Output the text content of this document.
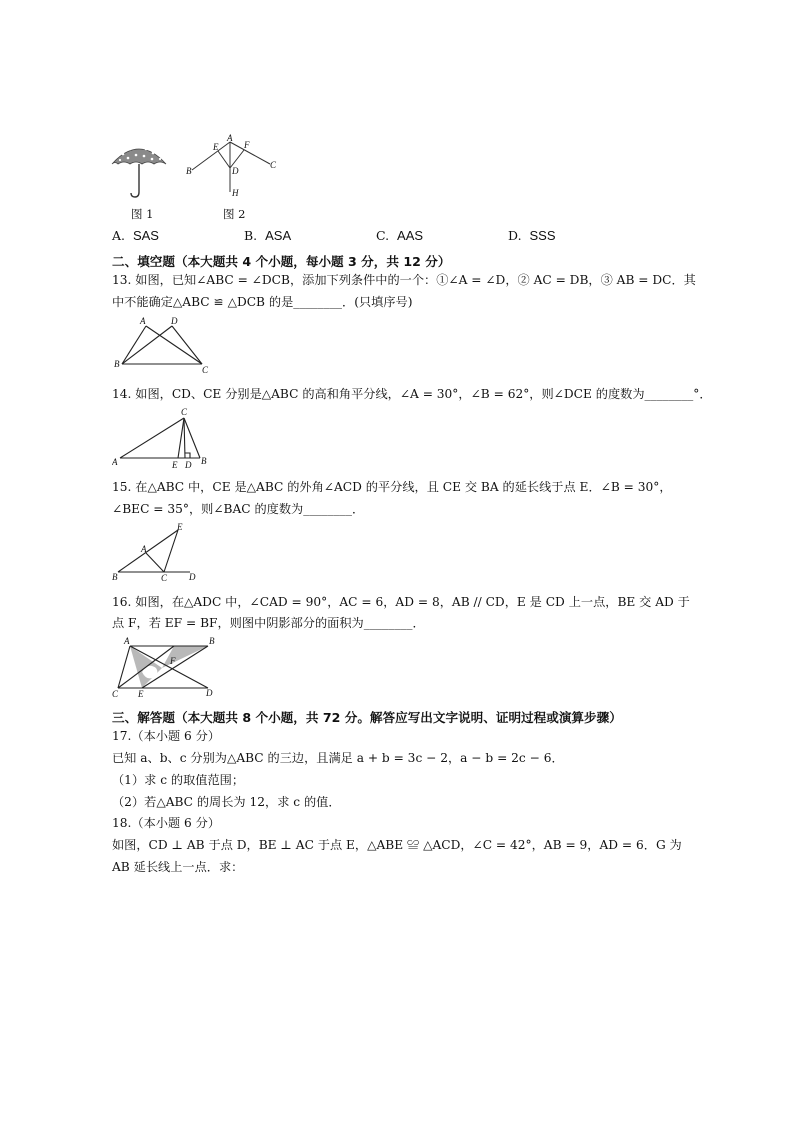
A
E	F
B
C
D
H
图 1	图 2
A. SAS	B. ASA	C. AAS	D. SSS
二、填空题（本大题共 4 个小题，每小题 3 分，共 12 分）
13. 如图，已知∠ABC = ∠DCB，添加下列条件中的一个：①∠A = ∠D，② AC = DB，③ AB = DC．其
中不能确定△ABC ≌ △DCB 的是________．(只填序号)
A	D
B
C
14. 如图，CD、CE 分别是△ABC 的高和角平分线，∠A = 30°，∠B = 62°，则∠DCE 的度数为________°．
C
A	B
E D
15. 在△ABC 中，CE 是△ABC 的外角∠ACD 的平分线，且 CE 交 BA 的延长线于点 E．∠B = 30°，
∠BEC = 35°，则∠BAC 的度数为________．
E
A
B	C D
16. 如图，在△ADC 中，∠CAD = 90°，AC = 6，AD = 8，AB // CD，E 是 CD 上一点，BE 交 AD 于
点 F，若 EF = BF，则图中阴影部分的面积为________．
A	B
F
C E	D
三、解答题（本大题共 8 个小题，共 72 分。解答应写出文字说明、证明过程或演算步骤）
17.（本小题 6 分）
已知 a、b、c 分别为△ABC 的三边，且满足 a + b = 3c − 2，a − b = 2c − 6．
（1）求 c 的取值范围；
（2）若△ABC 的周长为 12，求 c 的值．
18.（本小题 6 分）
如图，CD ⊥ AB 于点 D，BE ⊥ AC 于点 E，△ABE ≌ △ACD，∠C = 42°，AB = 9，AD = 6．G 为
AB 延长线上一点．求：
